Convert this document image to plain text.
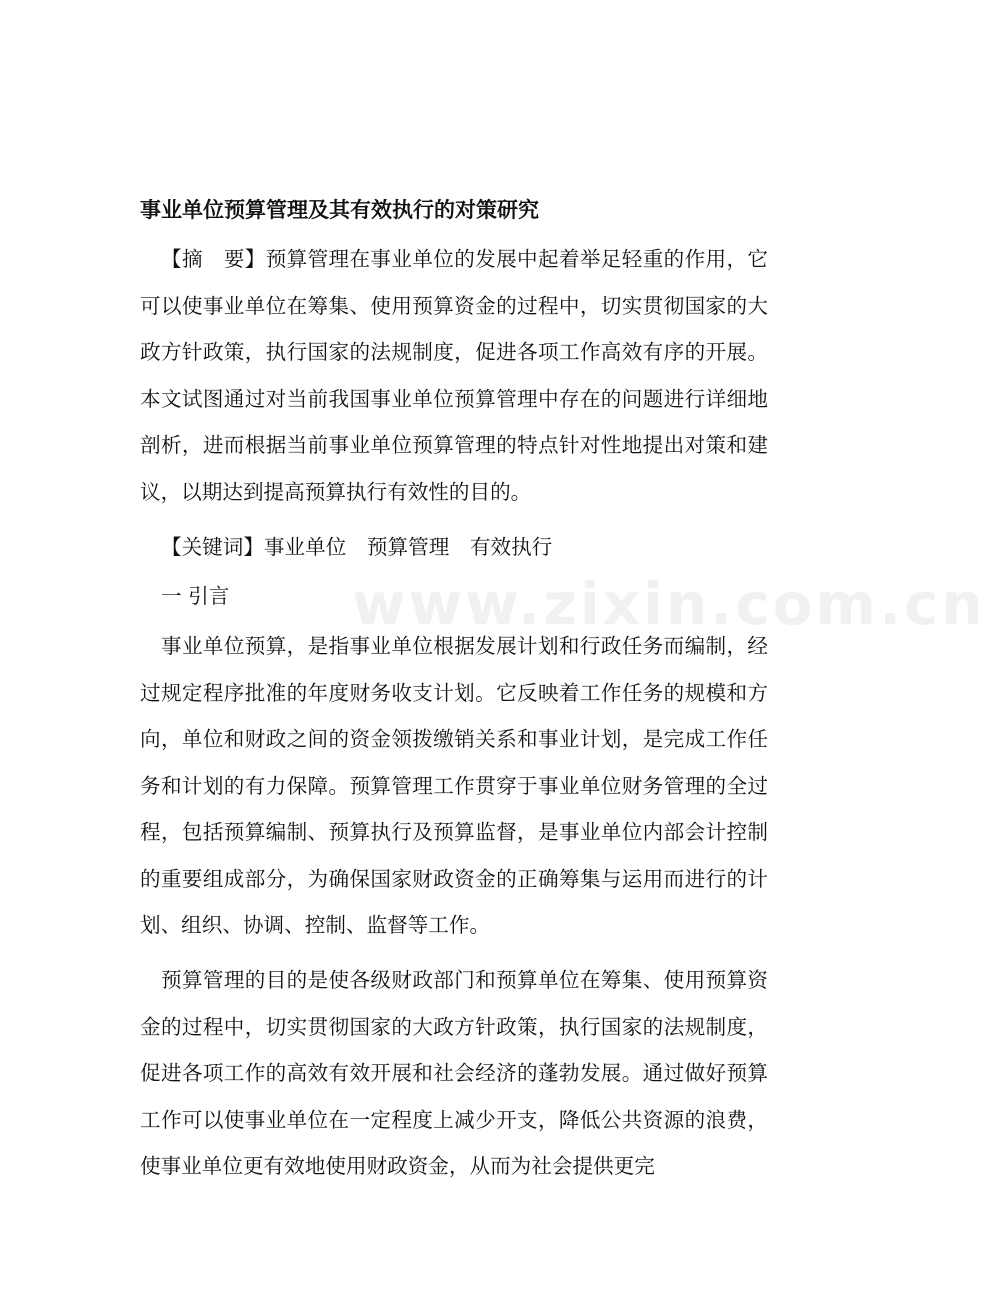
www.zixin.com.cn
事业单位预算管理及其有效执行的对策研究

【摘　要】预算管理在事业单位的发展中起着举足轻重的作用，它可以使事业单位在筹集、使用预算资金的过程中，切实贯彻国家的大政方针政策，执行国家的法规制度，促进各项工作高效有序的开展。本文试图通过对当前我国事业单位预算管理中存在的问题进行详细地剖析，进而根据当前事业单位预算管理的特点针对性地提出对策和建议，以期达到提高预算执行有效性的目的。

【关键词】事业单位　预算管理　有效执行

一 引言

事业单位预算，是指事业单位根据发展计划和行政任务而编制，经过规定程序批准的年度财务收支计划。它反映着工作任务的规模和方向，单位和财政之间的资金领拨缴销关系和事业计划，是完成工作任务和计划的有力保障。预算管理工作贯穿于事业单位财务管理的全过程，包括预算编制、预算执行及预算监督，是事业单位内部会计控制的重要组成部分，为确保国家财政资金的正确筹集与运用而进行的计划、组织、协调、控制、监督等工作。

预算管理的目的是使各级财政部门和预算单位在筹集、使用预算资金的过程中，切实贯彻国家的大政方针政策，执行国家的法规制度，促进各项工作的高效有效开展和社会经济的蓬勃发展。通过做好预算工作可以使事业单位在一定程度上减少开支，降低公共资源的浪费，使事业单位更有效地使用财政资金，从而为社会提供更完
